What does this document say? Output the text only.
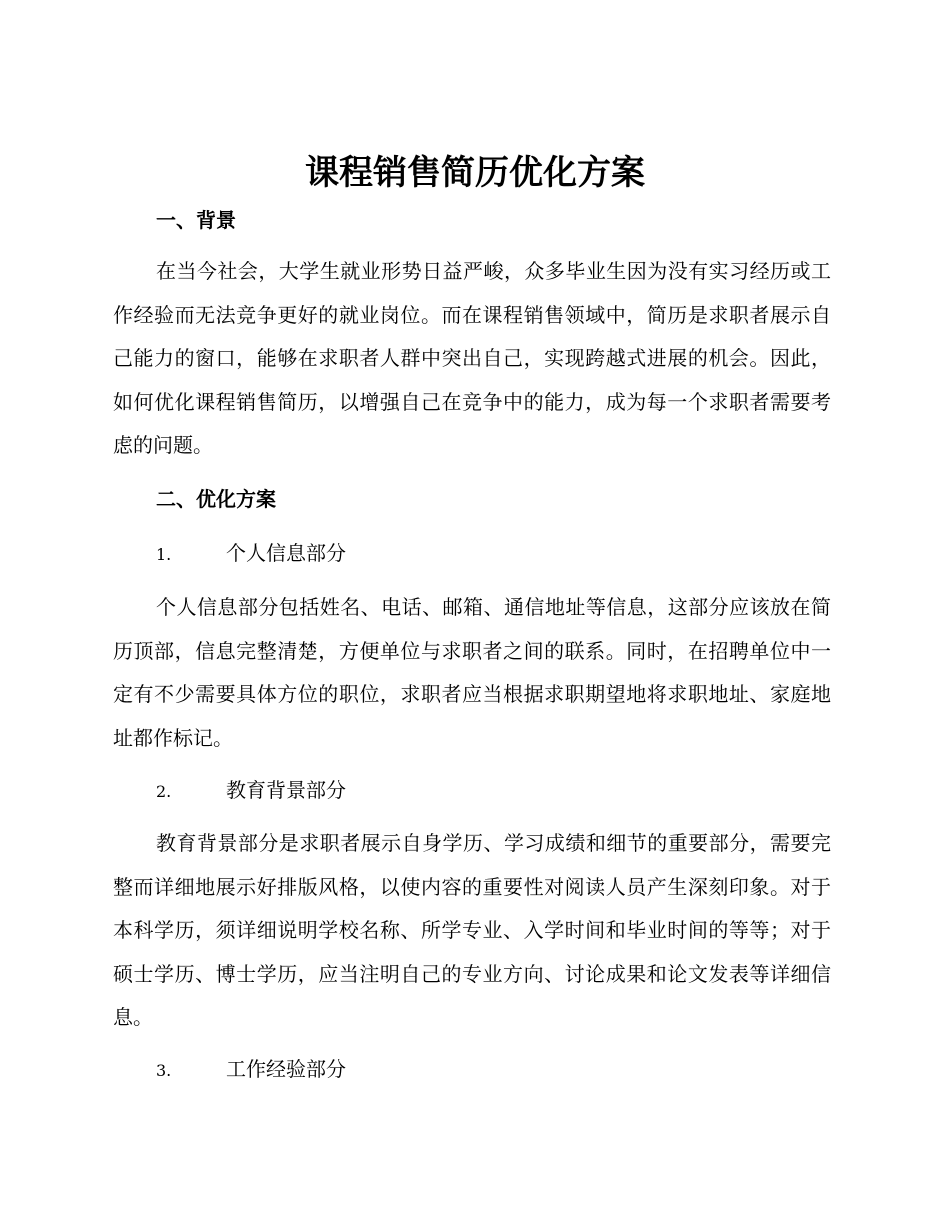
课程销售简历优化方案
一、背景

在当今社会，大学生就业形势日益严峻，众多毕业生因为没有实习经历或工作经验而无法竞争更好的就业岗位。而在课程销售领域中，简历是求职者展示自己能力的窗口，能够在求职者人群中突出自己，实现跨越式进展的机会。因此，如何优化课程销售简历，以增强自己在竞争中的能力，成为每一个求职者需要考虑的问题。

二、优化方案
1.	个人信息部分

个人信息部分包括姓名、电话、邮箱、通信地址等信息，这部分应该放在简历顶部，信息完整清楚，方便单位与求职者之间的联系。同时，在招聘单位中一定有不少需要具体方位的职位，求职者应当根据求职期望地将求职地址、家庭地址都作标记。

2.	教育背景部分

教育背景部分是求职者展示自身学历、学习成绩和细节的重要部分，需要完整而详细地展示好排版风格，以使内容的重要性对阅读人员产生深刻印象。对于本科学历，须详细说明学校名称、所学专业、入学时间和毕业时间的等等；对于硕士学历、博士学历，应当注明自己的专业方向、讨论成果和论文发表等详细信息。

3.	工作经验部分
